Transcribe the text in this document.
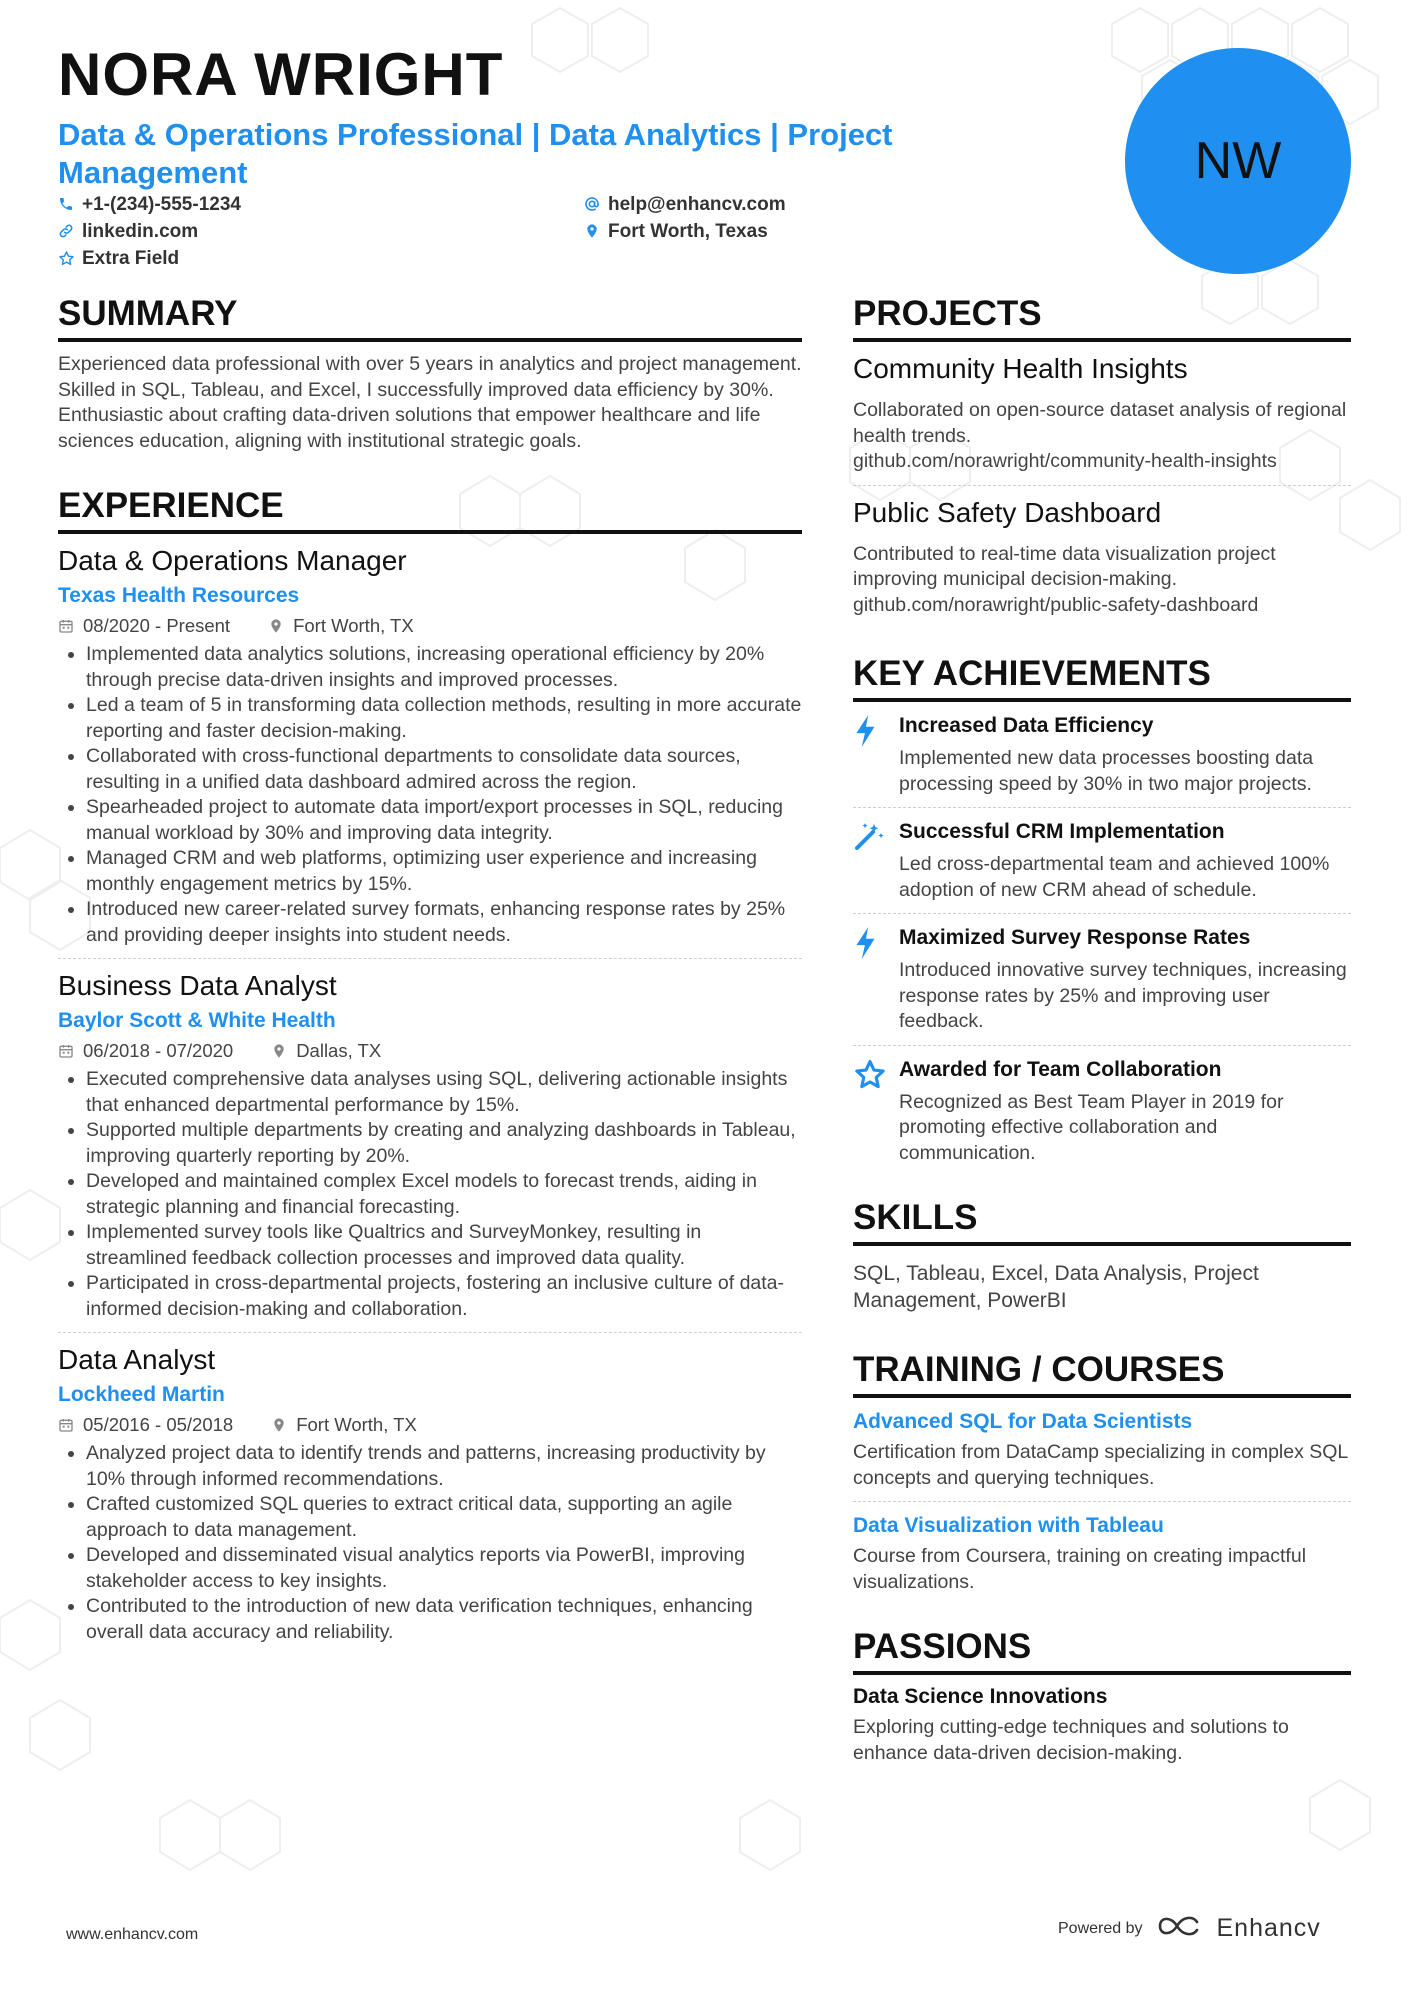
NORA WRIGHT
Data & Operations Professional | Data Analytics | Project Management
+1-(234)-555-1234	help@enhancv.com
linkedin.com	Fort Worth, Texas
Extra Field
NW
SUMMARY

Experienced data professional with over 5 years in analytics and project management. Skilled in SQL, Tableau, and Excel, I successfully improved data efficiency by 30%. Enthusiastic about crafting data-driven solutions that empower healthcare and life sciences education, aligning with institutional strategic goals.

EXPERIENCE
Data & Operations Manager
Texas Health Resources
08/2020 - Present	Fort Worth, TX
• Implemented data analytics solutions, increasing operational efficiency by 20% through precise data-driven insights and improved processes.
• Led a team of 5 in transforming data collection methods, resulting in more accurate reporting and faster decision-making.
• Collaborated with cross-functional departments to consolidate data sources, resulting in a unified data dashboard admired across the region.
• Spearheaded project to automate data import/export processes in SQL, reducing manual workload by 30% and improving data integrity.
• Managed CRM and web platforms, optimizing user experience and increasing monthly engagement metrics by 15%.
• Introduced new career-related survey formats, enhancing response rates by 25% and providing deeper insights into student needs.
Business Data Analyst
Baylor Scott & White Health
06/2018 - 07/2020	Dallas, TX
• Executed comprehensive data analyses using SQL, delivering actionable insights that enhanced departmental performance by 15%.
• Supported multiple departments by creating and analyzing dashboards in Tableau, improving quarterly reporting by 20%.
• Developed and maintained complex Excel models to forecast trends, aiding in strategic planning and financial forecasting.
• Implemented survey tools like Qualtrics and SurveyMonkey, resulting in streamlined feedback collection processes and improved data quality.
• Participated in cross-departmental projects, fostering an inclusive culture of data-informed decision-making and collaboration.
Data Analyst
Lockheed Martin
05/2016 - 05/2018	Fort Worth, TX
• Analyzed project data to identify trends and patterns, increasing productivity by 10% through informed recommendations.
• Crafted customized SQL queries to extract critical data, supporting an agile approach to data management.
• Developed and disseminated visual analytics reports via PowerBI, improving stakeholder access to key insights.
• Contributed to the introduction of new data verification techniques, enhancing overall data accuracy and reliability.
PROJECTS
Community Health Insights

Collaborated on open-source dataset analysis of regional health trends.
github.com/norawright/community-health-insights

Public Safety Dashboard

Contributed to real-time data visualization project improving municipal decision-making.
github.com/norawright/public-safety-dashboard

KEY ACHIEVEMENTS
Increased Data Efficiency
Implemented new data processes boosting data processing speed by 30% in two major projects.
Successful CRM Implementation
Led cross-departmental team and achieved 100% adoption of new CRM ahead of schedule.
Maximized Survey Response Rates
Introduced innovative survey techniques, increasing response rates by 25% and improving user feedback.
Awarded for Team Collaboration
Recognized as Best Team Player in 2019 for promoting effective collaboration and communication.
SKILLS

SQL, Tableau, Excel, Data Analysis, Project Management, PowerBI

TRAINING / COURSES
Advanced SQL for Data Scientists

Certification from DataCamp specializing in complex SQL concepts and querying techniques.

Data Visualization with Tableau

Course from Coursera, training on creating impactful visualizations.

PASSIONS
Data Science Innovations

Exploring cutting-edge techniques and solutions to enhance data-driven decision-making.

www.enhancv.com	Powered by	Enhancv
